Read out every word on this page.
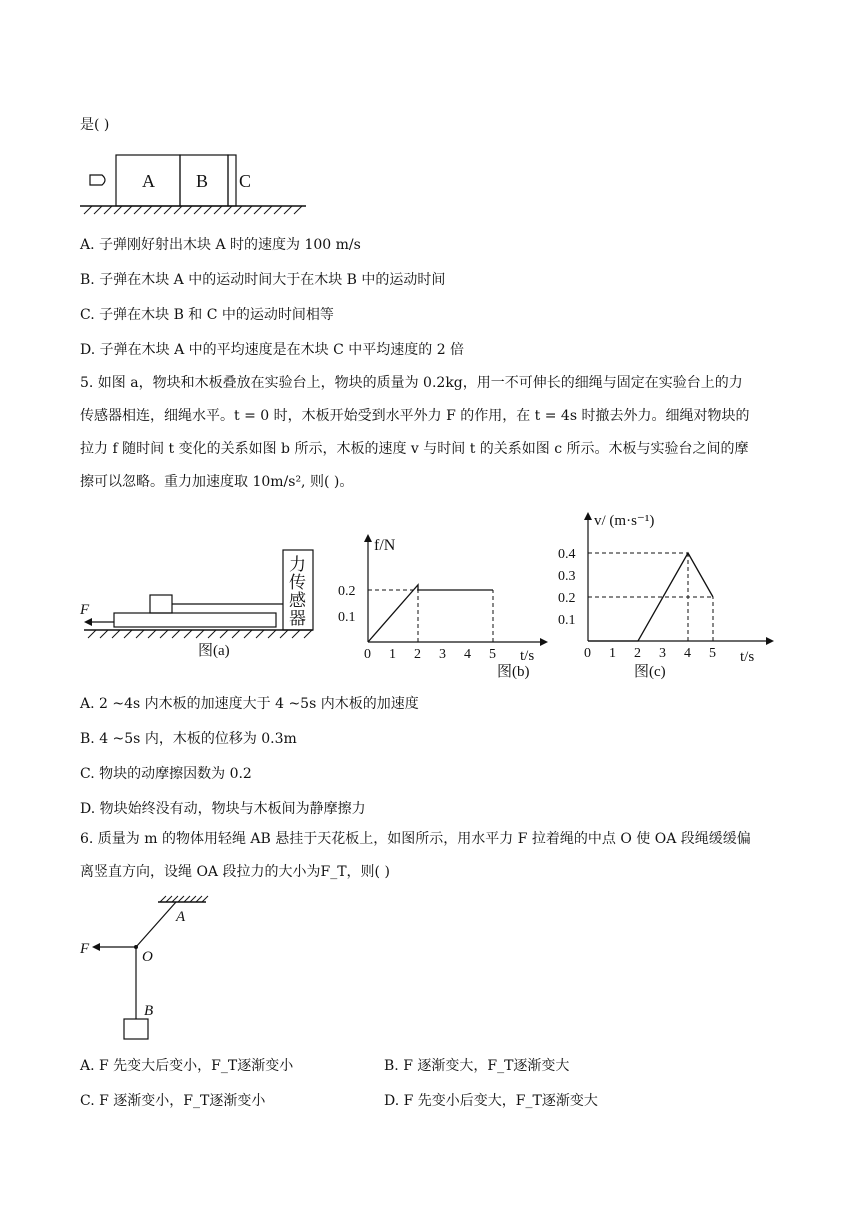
是( )
A B C
A. 子弹刚好射出木块 A 时的速度为 100 m/s
B. 子弹在木块 A 中的运动时间大于在木块 B 中的运动时间
C. 子弹在木块 B 和 C 中的运动时间相等
D. 子弹在木块 A 中的平均速度是在木块 C 中平均速度的 2 倍
5. 如图 a，物块和木板叠放在实验台上，物块的质量为 0.2kg，用一不可伸长的细绳与固定在实验台上的力
传感器相连，细绳水平。t = 0 时，木板开始受到水平外力 F 的作用，在 t = 4s 时撤去外力。细绳对物块的
拉力 f 随时间 t 变化的关系如图 b 所示，木板的速度 v 与时间 t 的关系如图 c 所示。木板与实验台之间的摩
擦可以忽略。重力加速度取 10m/s², 则( )。
力
传
感
器
F
图(a)
f/N
t/s
图(b)
0 1 2 3 4 5
0.2
0.1
v/ (m·s⁻¹)
t/s
图(c)
0 1 2 3 4 5
0.4
0.3
0.2
0.1
A. 2 ~4s 内木板的加速度大于 4 ~5s 内木板的加速度
B. 4 ~5s 内，木板的位移为 0.3m
C. 物块的动摩擦因数为 0.2
D. 物块始终没有动，物块与木板间为静摩擦力
6. 质量为 m 的物体用轻绳 AB 悬挂于天花板上，如图所示，用水平力 F 拉着绳的中点 O 使 OA 段绳缓缓偏
离竖直方向，设绳 OA 段拉力的大小为F_T，则( )
A
O
B
F
A. F 先变大后变小，F_T逐渐变小	B. F 逐渐变大，F_T逐渐变大
C. F 逐渐变小，F_T逐渐变小	D. F 先变小后变大，F_T逐渐变大
